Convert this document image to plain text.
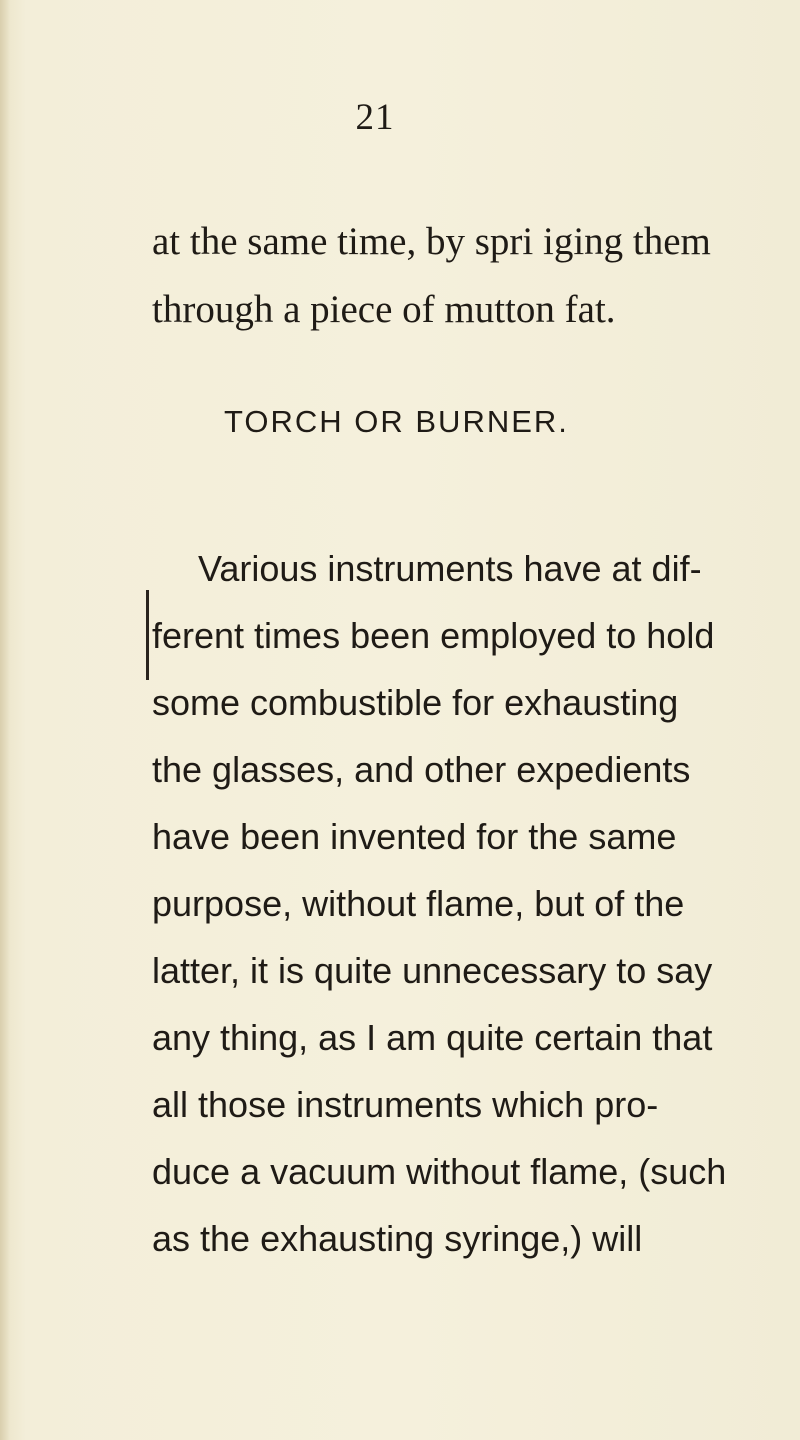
21
at the same time, by spri iging them
through a piece of mutton fat.
TORCH OR BURNER.
Various instruments have at dif-
ferent times been employed to hold
some combustible for exhausting
the glasses, and other expedients
have been invented for the same
purpose, without flame, but of the
latter, it is quite unnecessary to say
any thing, as I am quite certain that
all those instruments which pro-
duce a vacuum without flame, (such
as the exhausting syringe,) will
